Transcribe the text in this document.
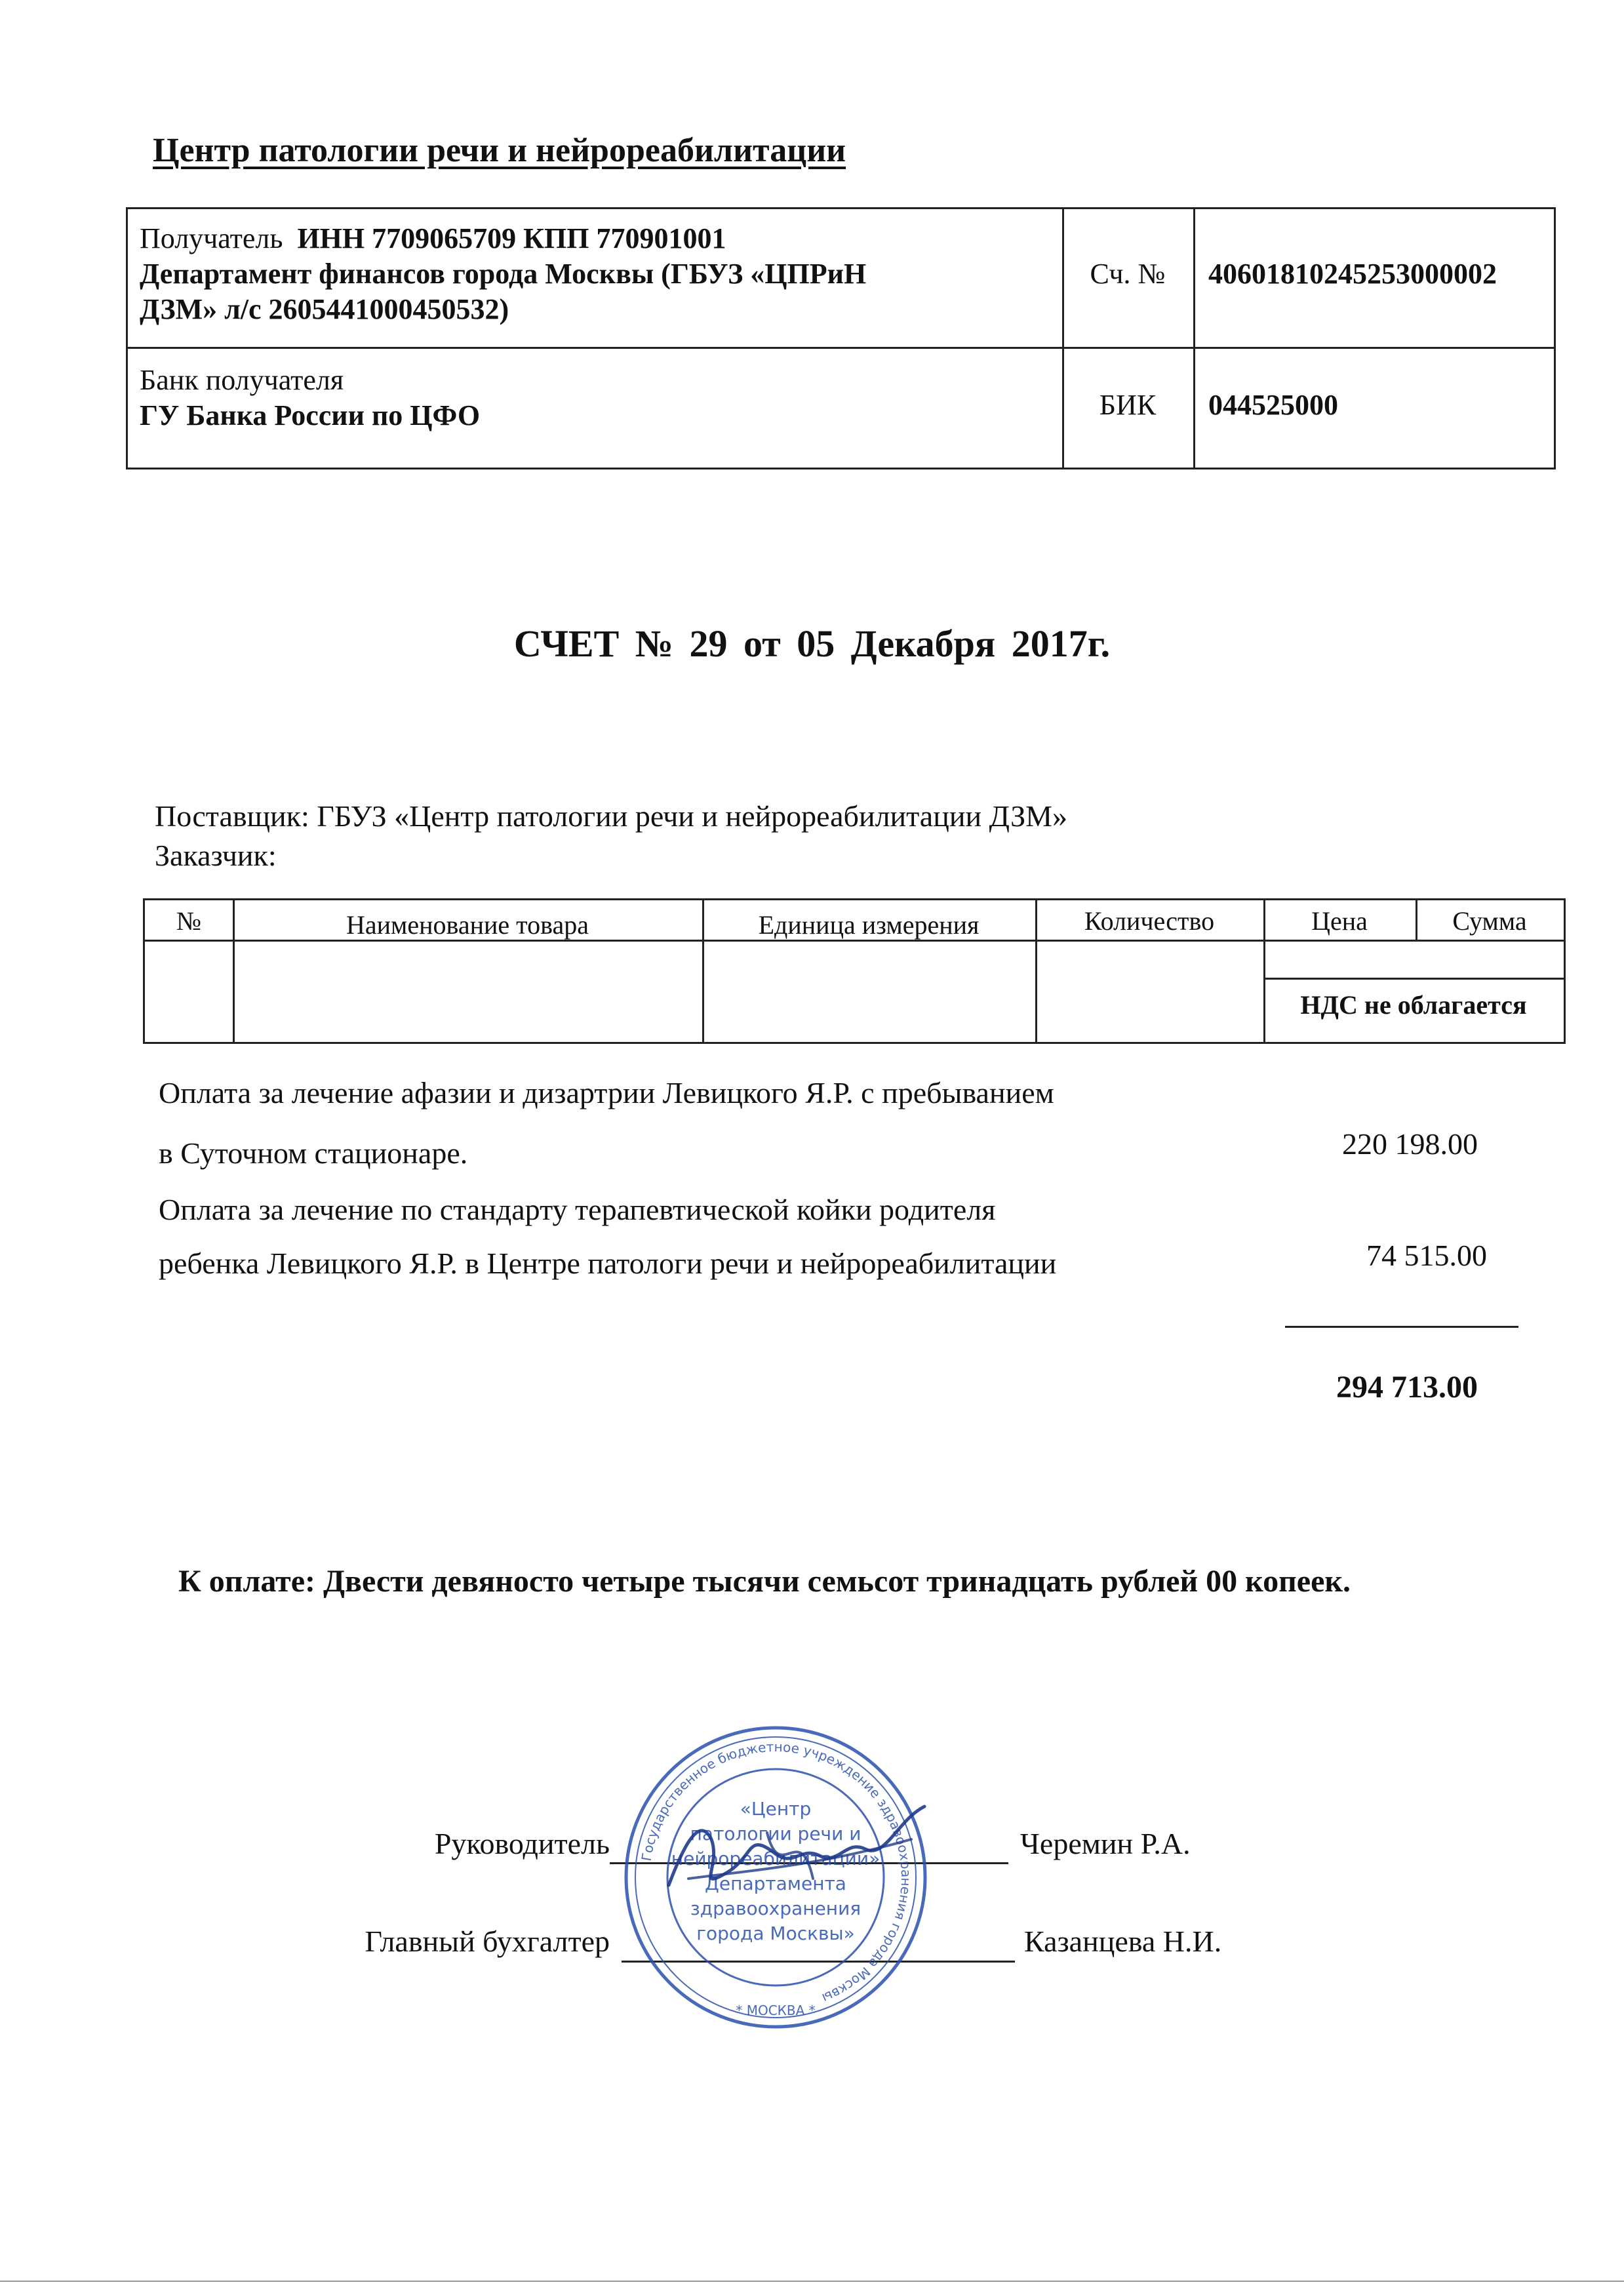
Центр патологии речи и нейрореабилитации
Получатель ИНН 7709065709 КПП 770901001
Департамент финансов города Москвы (ГБУЗ «ЦПРиН
ДЗМ» л/с 2605441000450532)
Сч. №	40601810245253000002
Банк получателя
ГУ Банка России по ЦФО	БИК	044525000
СЧЕТ № 29 от 05 Декабря 2017г.
Поставщик: ГБУЗ «Центр патологии речи и нейрореабилитации ДЗМ»
Заказчик:
№	Наименование товара	Единица измерения	Количество	Цена	Сумма
НДС не облагается
Оплата за лечение афазии и дизартрии Левицкого Я.Р. с пребыванием
в Суточном стационаре.	220 198.00
Оплата за лечение по стандарту терапевтической койки родителя
ребенка Левицкого Я.Р. в Центре патологи речи и нейрореабилитации	74 515.00
294 713.00
К оплате: Двести девяносто четыре тысячи семьсот тринадцать рублей 00 копеек.
Руководитель	Черемин Р.А.
Главный бухгалтер	Казанцева Н.И.
Государственное бюджетное учреждение здравоохранения города Москвы
* МОСКВА *
«Центр
патологии речи и
нейрореабилитации»
Департамента
здравоохранения
города Москвы»
